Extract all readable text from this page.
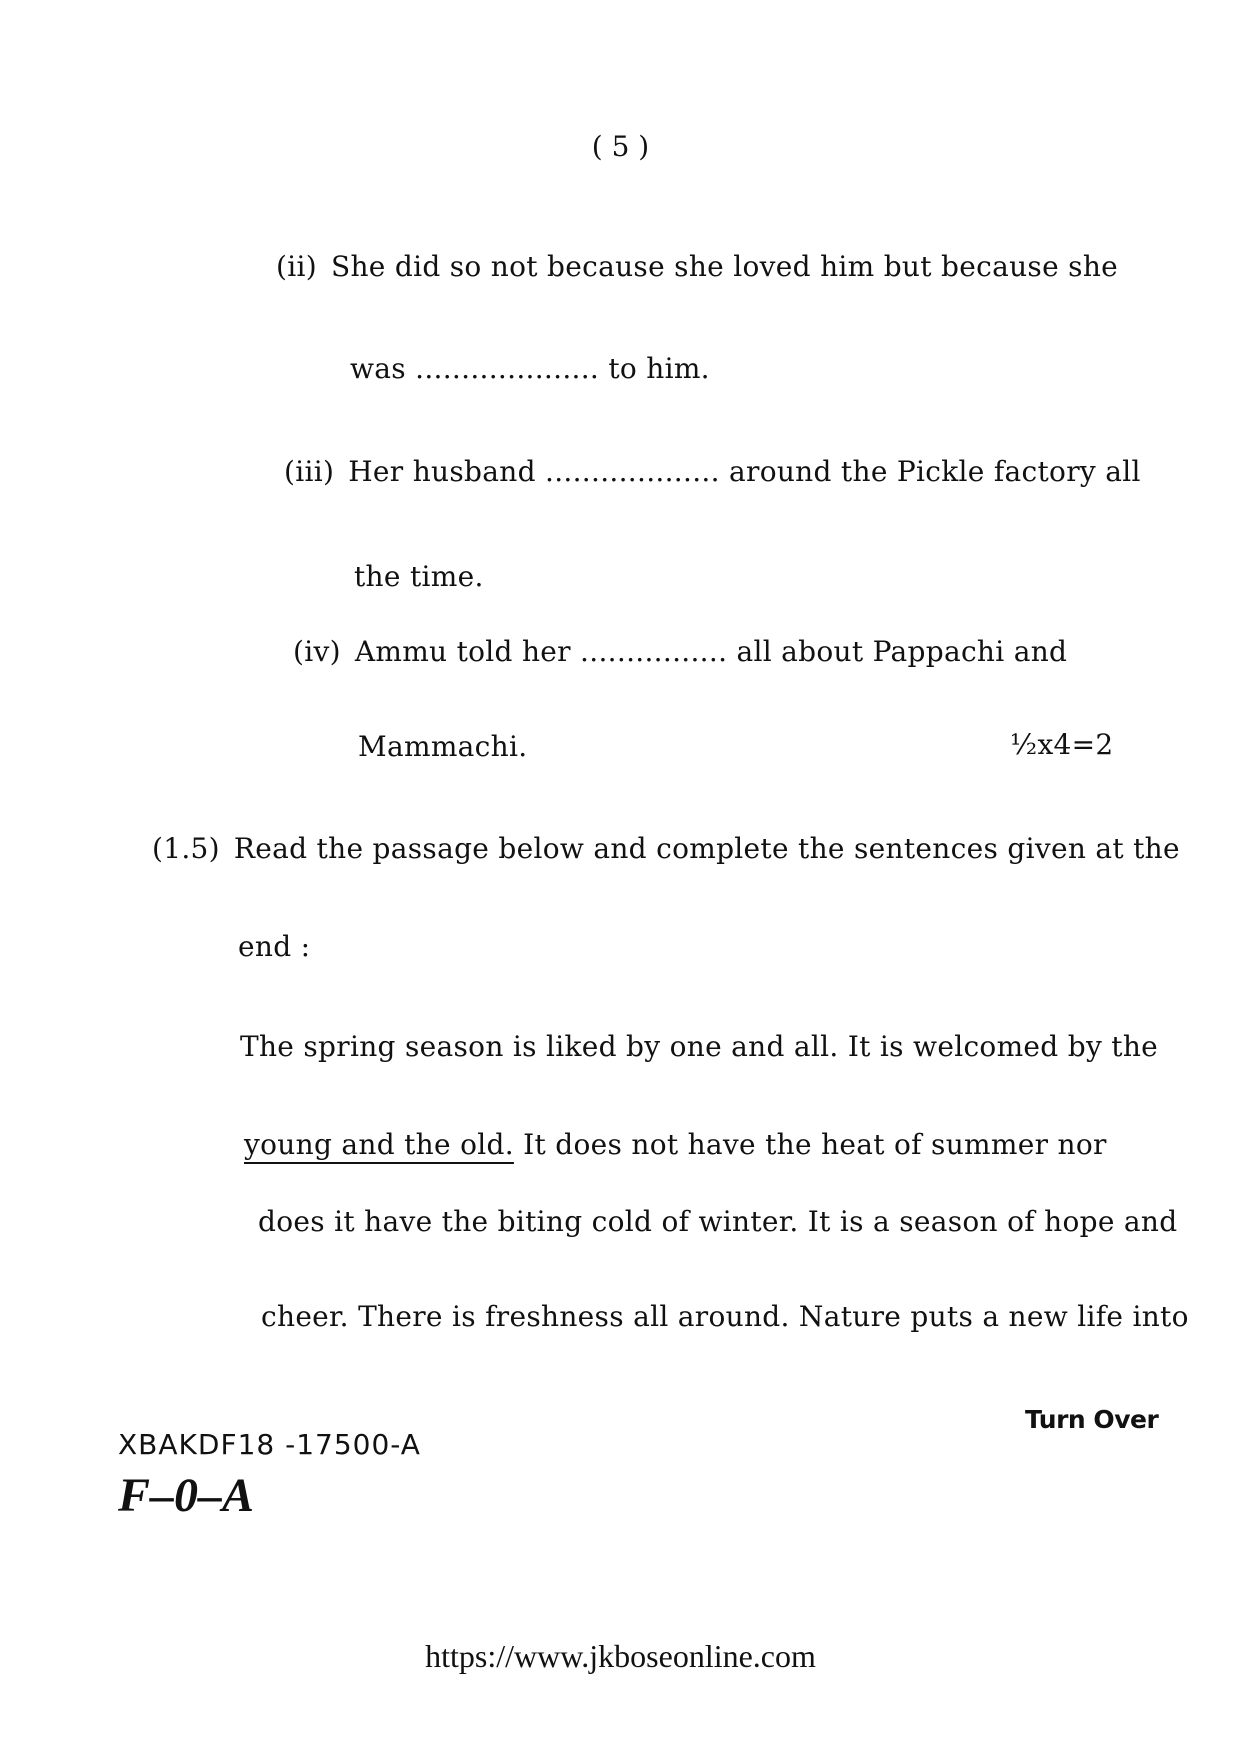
( 5 )
(ii) She did so not because she loved him but because she
was .................... to him.
(iii) Her husband ................... around the Pickle factory all
the time.
(iv) Ammu told her ................ all about Pappachi and
Mammachi.	½x4=2
(1.5) Read the passage below and complete the sentences given at the
end :
The spring season is liked by one and all. It is welcomed by the
young and the old. It does not have the heat of summer nor
does it have the biting cold of winter. It is a season of hope and
cheer. There is freshness all around. Nature puts a new life into
Turn Over
XBAKDF18 -17500-A
F–0–A
https://www.jkboseonline.com
